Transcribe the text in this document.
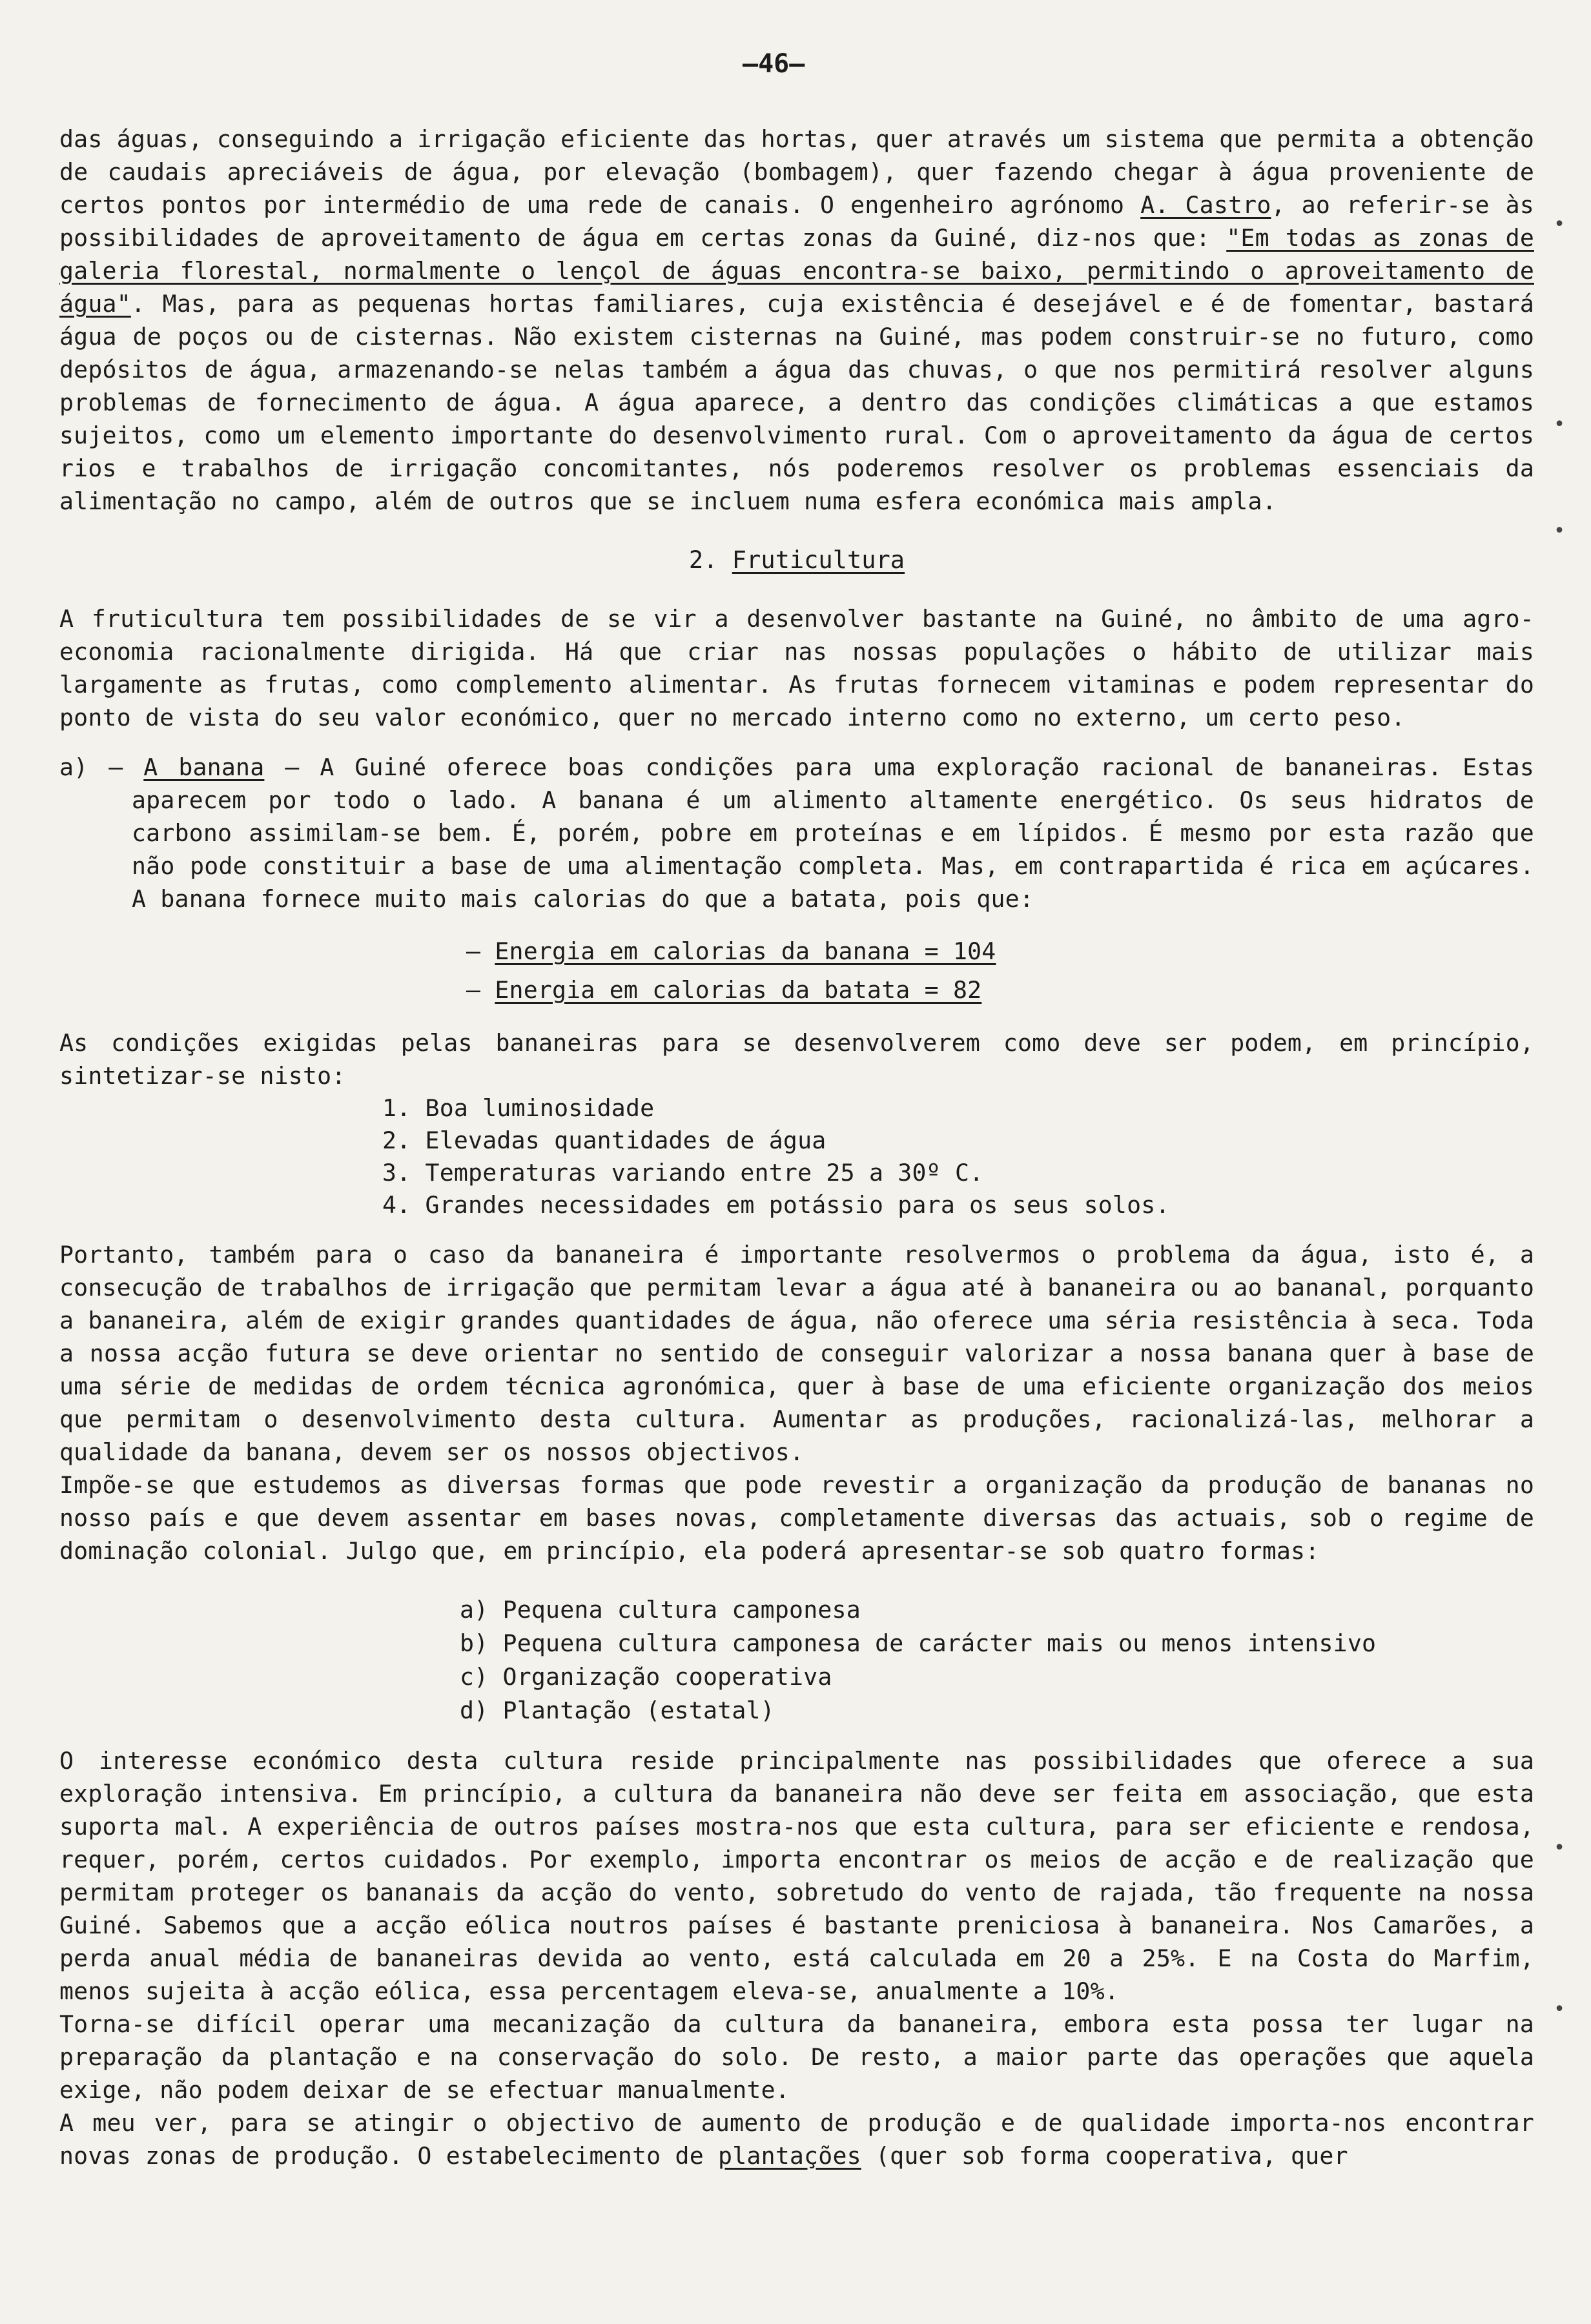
—46—
•
•
•
•
•

das águas, conseguindo a irrigação eficiente das hortas, quer através um sistema que permita a obtenção de caudais apreciáveis de água, por elevação (bombagem), quer fazendo chegar à água proveniente de certos pontos por intermédio de uma rede de canais. O engenheiro agrónomo A. Castro, ao referir-se às possibilidades de aproveitamento de água em certas zonas da Guiné, diz-nos que: "Em todas as zonas de galeria florestal, normalmente o lençol de águas encontra-se baixo, permitindo o aproveitamento de água". Mas, para as pequenas hortas familiares, cuja existência é desejável e é de fomentar, bastará água de poços ou de cisternas. Não existem cisternas na Guiné, mas podem construir-se no futuro, como depósitos de água, armazenando-se nelas também a água das chuvas, o que nos permitirá resolver alguns problemas de fornecimento de água. A água aparece, a dentro das condições climáticas a que estamos sujeitos, como um elemento importante do desenvolvimento rural. Com o aproveitamento da água de certos rios e trabalhos de irrigação concomitantes, nós poderemos resolver os problemas essenciais da alimentação no campo, além de outros que se incluem numa esfera económica mais ampla.

2. Fruticultura

A fruticultura tem possibilidades de se vir a desenvolver bastante na Guiné, no âmbito de uma agro-economia racionalmente dirigida. Há que criar nas nossas populações o hábito de utilizar mais largamente as frutas, como complemento alimentar. As frutas fornecem vitaminas e podem representar do ponto de vista do seu valor económico, quer no mercado interno como no externo, um certo peso.

a) – A banana – A Guiné oferece boas condições para uma exploração racional de bananeiras. Estas aparecem por todo o lado. A banana é um alimento altamente energético. Os seus hidratos de carbono assimilam-se bem. É, porém, pobre em proteínas e em lípidos. É mesmo por esta razão que não pode constituir a base de uma alimentação completa. Mas, em contrapartida é rica em açúcares. A banana fornece muito mais calorias do que a batata, pois que:

– Energia em calorias da banana = 104

– Energia em calorias da batata = 82

As condições exigidas pelas bananeiras para se desenvolverem como deve ser podem, em princípio, sintetizar-se nisto:

1. Boa luminosidade

2. Elevadas quantidades de água

3. Temperaturas variando entre 25 a 30º C.

4. Grandes necessidades em potássio para os seus solos.

Portanto, também para o caso da bananeira é importante resolvermos o problema da água, isto é, a consecução de trabalhos de irrigação que permitam levar a água até à bananeira ou ao bananal, porquanto a bananeira, além de exigir grandes quantidades de água, não oferece uma séria resistência à seca. Toda a nossa acção futura se deve orientar no sentido de conseguir valorizar a nossa banana quer à base de uma série de medidas de ordem técnica agronómica, quer à base de uma eficiente organização dos meios que permitam o desenvolvimento desta cultura. Aumentar as produções, racionalizá-las, melhorar a qualidade da banana, devem ser os nossos objectivos.

Impõe-se que estudemos as diversas formas que pode revestir a organização da produção de bananas no nosso país e que devem assentar em bases novas, completamente diversas das actuais, sob o regime de dominação colonial. Julgo que, em princípio, ela poderá apresentar-se sob quatro formas:

a) Pequena cultura camponesa

b) Pequena cultura camponesa de carácter mais ou menos intensivo

c) Organização cooperativa

d) Plantação (estatal)

O interesse económico desta cultura reside principalmente nas possibilidades que oferece a sua exploração intensiva. Em princípio, a cultura da bananeira não deve ser feita em associação, que esta suporta mal. A experiência de outros países mostra-nos que esta cultura, para ser eficiente e rendosa, requer, porém, certos cuidados. Por exemplo, importa encontrar os meios de acção e de realização que permitam proteger os bananais da acção do vento, sobretudo do vento de rajada, tão frequente na nossa Guiné. Sabemos que a acção eólica noutros países é bastante preniciosa à bananeira. Nos Camarões, a perda anual média de bananeiras devida ao vento, está calculada em 20 a 25%. E na Costa do Marfim, menos sujeita à acção eólica, essa percentagem eleva-se, anualmente a 10%.

Torna-se difícil operar uma mecanização da cultura da bananeira, embora esta possa ter lugar na preparação da plantação e na conservação do solo. De resto, a maior parte das operações que aquela exige, não podem deixar de se efectuar manualmente.

A meu ver, para se atingir o objectivo de aumento de produção e de qualidade importa-nos encontrar novas zonas de produção. O estabelecimento de plantações (quer sob forma cooperativa, quer
